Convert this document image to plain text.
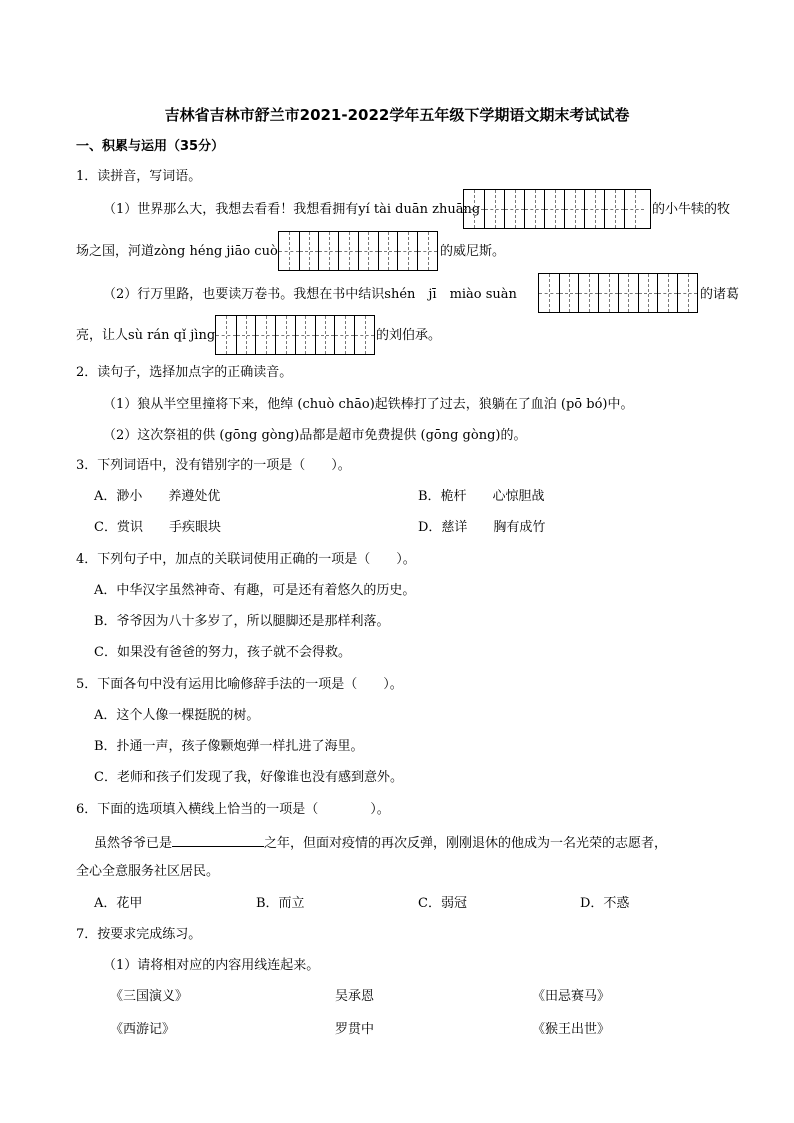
吉林省吉林市舒兰市2021-2022学年五年级下学期语文期末考试试卷
一、积累与运用（35分）
1．读拼音，写词语。
（1）世界那么大，我想去看看！我想看拥有yí tài duān zhuāng	的小牛犊的牧
场之国，河道zòng héng jiāo cuò	的威尼斯。
（2）行万里路，也要读万卷书。我想在书中结识shén　jī　miào suàn	的诸葛
亮，让人sù rán qǐ jìng	的刘伯承。
2．读句子，选择加点字的正确读音。
（1）狼从半空里撞将下来，他绰 (chuò chāo)起铁棒打了过去，狼躺在了血泊 (pō bó)中。
（2）这次祭祖的供 (gōng gòng)品都是超市免费提供 (gōng gòng)的。
3．下列词语中，没有错别字的一项是（　　）。
A．渺小　　养遵处优	B．桅杆　　心惊胆战
C．赏识　　手疾眼块	D．慈详　　胸有成竹
4．下列句子中，加点的关联词使用正确的一项是（　　）。
A．中华汉字虽然神奇、有趣，可是还有着悠久的历史。
B．爷爷因为八十多岁了，所以腿脚还是那样利落。
C．如果没有爸爸的努力，孩子就不会得救。
5．下面各句中没有运用比喻修辞手法的一项是（　　）。
A．这个人像一棵挺脱的树。
B．扑通一声，孩子像颗炮弹一样扎进了海里。
C．老师和孩子们发现了我，好像谁也没有感到意外。
6．下面的选项填入横线上恰当的一项是（　　　　）。
虽然爷爷已是	之年，但面对疫情的再次反弹，刚刚退休的他成为一名光荣的志愿者，
全心全意服务社区居民。
A．花甲	B．而立	C．弱冠	D．不惑
7．按要求完成练习。
（1）请将相对应的内容用线连起来。
《三国演义》	吴承恩	《田忌赛马》
《西游记》	罗贯中	《猴王出世》
